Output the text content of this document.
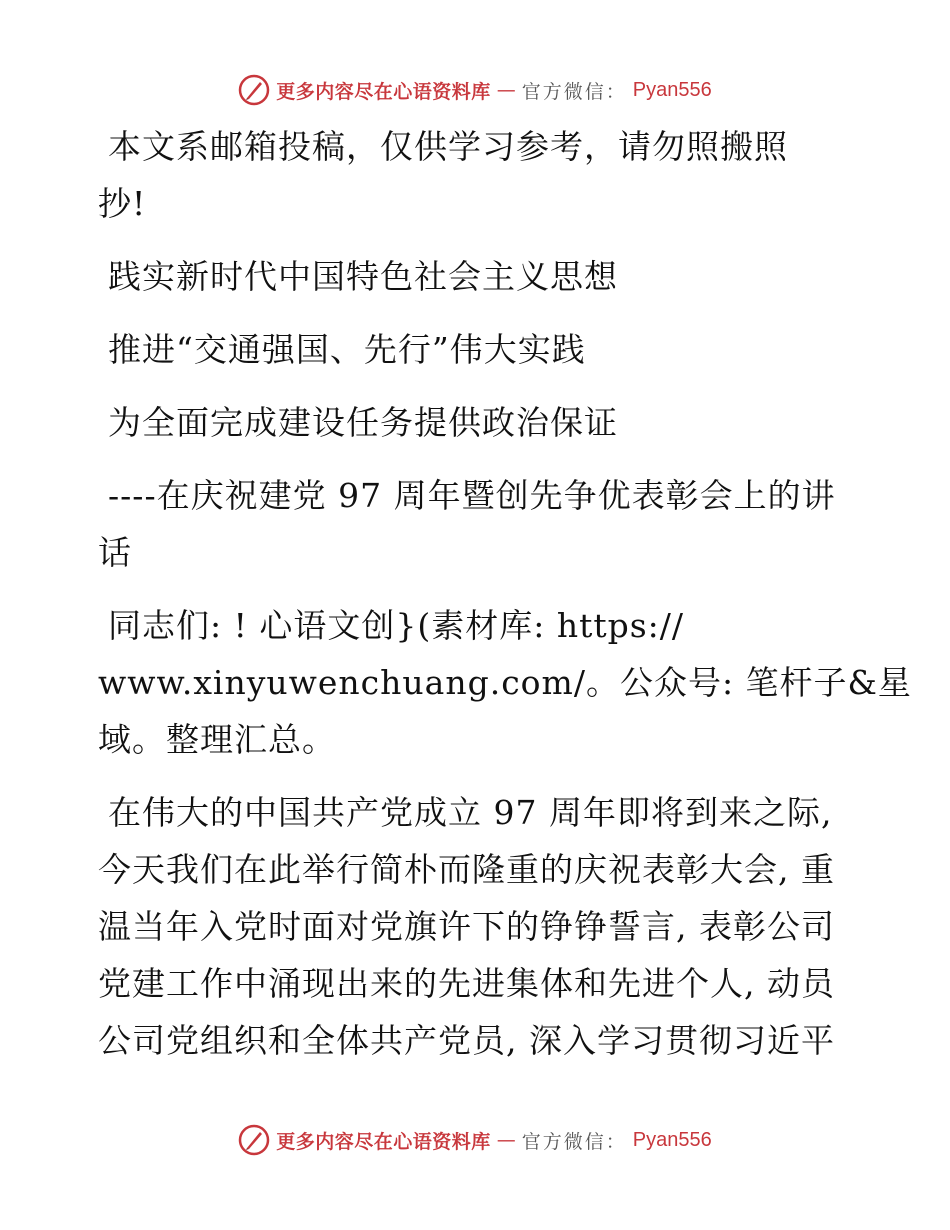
更多内容尽在心语资料库 — 官方微信： Pyan556
本文系邮箱投稿，仅供学习参考，请勿照搬照
抄!
践实新时代中国特色社会主义思想
推进“交通强国、先行”伟大实践
为全面完成建设任务提供政治保证
----在庆祝建党 97 周年暨创先争优表彰会上的讲
话
同志们: ! 心语文创}(素材库: https://
www.xinyuwenchuang.com/。公众号: 笔杆子&星
域。整理汇总。
在伟大的中国共产党成立 97 周年即将到来之际,
今天我们在此举行简朴而隆重的庆祝表彰大会, 重
温当年入党时面对党旗许下的铮铮誓言, 表彰公司
党建工作中涌现出来的先进集体和先进个人, 动员
公司党组织和全体共产党员, 深入学习贯彻习近平
更多内容尽在心语资料库 — 官方微信： Pyan556
